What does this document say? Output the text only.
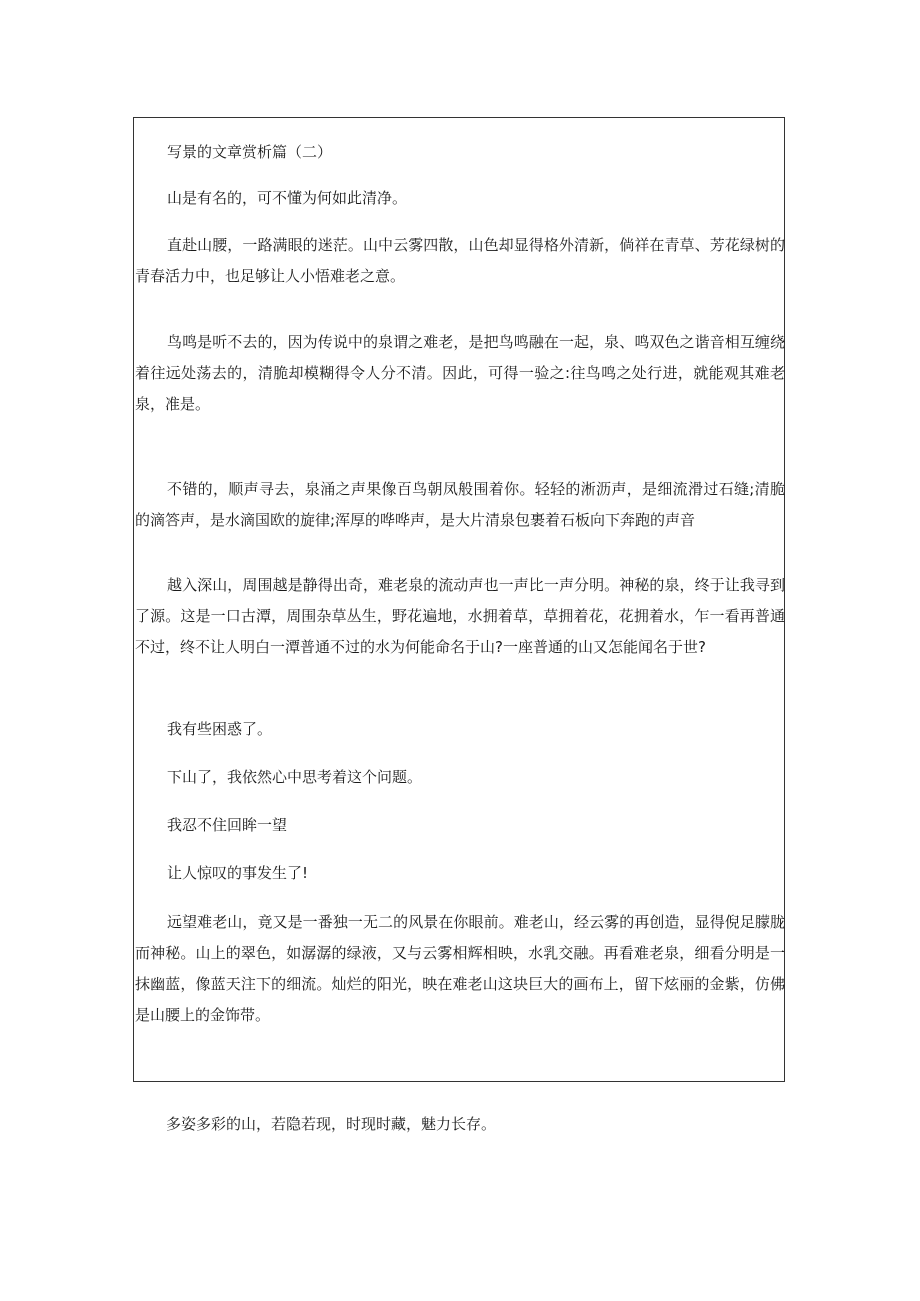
写景的文章赏析篇（二）

山是有名的，可不懂为何如此清净。

直赴山腰，一路满眼的迷茫。山中云雾四散，山色却显得格外清新，倘祥在青草、芳花绿树的青春活力中，也足够让人小悟难老之意。

鸟鸣是听不去的，因为传说中的泉谓之难老，是把鸟鸣融在一起，泉、鸣双色之谐音相互缠绕着往远处荡去的，清脆却模糊得令人分不清。因此，可得一验之:往鸟鸣之处行进，就能观其难老泉，准是。

不错的，顺声寻去，泉涌之声果像百鸟朝凤般围着你。轻轻的淅沥声，是细流滑过石缝;清脆的滴答声，是水滴国欧的旋律;浑厚的哗哗声，是大片清泉包裹着石板向下奔跑的声音

越入深山，周围越是静得出奇，难老泉的流动声也一声比一声分明。神秘的泉，终于让我寻到了源。这是一口古潭，周围杂草丛生，野花遍地，水拥着草，草拥着花，花拥着水，乍一看再普通不过，终不让人明白一潭普通不过的水为何能命名于山?一座普通的山又怎能闻名于世?

我有些困惑了。

下山了，我依然心中思考着这个问题。

我忍不住回眸一望

让人惊叹的事发生了!

远望难老山，竟又是一番独一无二的风景在你眼前。难老山，经云雾的再创造，显得倪足朦胧而神秘。山上的翠色，如潺潺的绿液，又与云雾相辉相映，水乳交融。再看难老泉，细看分明是一抹幽蓝，像蓝天注下的细流。灿烂的阳光，映在难老山这块巨大的画布上，留下炫丽的金紫，仿佛是山腰上的金饰带。

多姿多彩的山，若隐若现，时现时藏，魅力长存。
